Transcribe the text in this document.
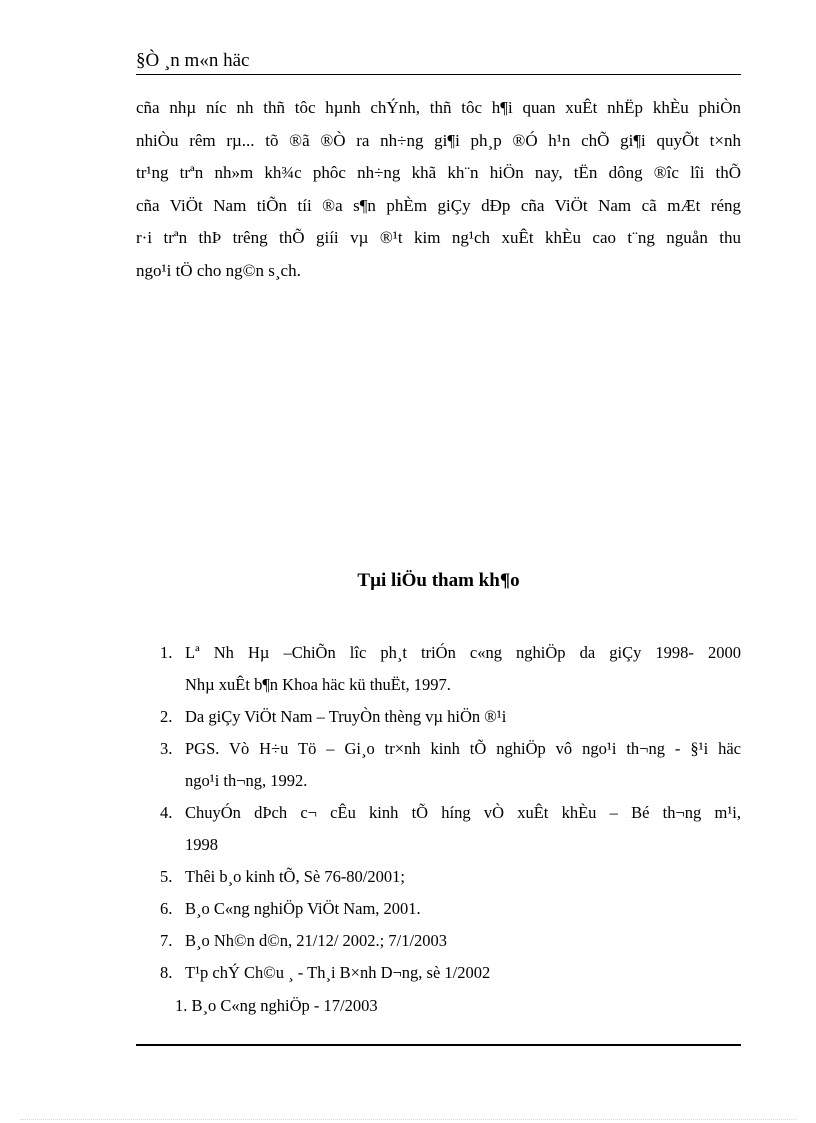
§Ò ¸n m«n häc

cña nhµ níc nh thñ tôc hµnh chÝnh, thñ tôc h¶i quan xuÊt nhËp khÈu phiÒn
nhiÒu rêm rµ... tõ ®ã ®Ò ra nh÷ng gi¶i ph¸p ®Ó h¹n chÕ gi¶i quyÕt t×nh
tr¹ng trªn nh»m kh¾c phôc nh÷ng khã kh¨n hiÖn nay, tËn dông ®îc lîi thÕ
cña ViÖt Nam tiÕn tíi ®a s¶n phÈm giÇy dÐp cña ViÖt Nam cã mÆt réng
r·i trªn thÞ trêng thÕ giíi vµ ®¹t kim ng¹ch xuÊt khÈu cao t¨ng nguån thu
ngo¹i tÖ cho ng©n s¸ch.

Tµi liÖu tham kh¶o
1. Lª Nh Hµ –ChiÕn lîc ph¸t triÓn c«ng nghiÖp da giÇy 1998- 2000
Nhµ xuÊt b¶n Khoa häc kü thuËt, 1997.
2. Da giÇy ViÖt Nam – TruyÒn thèng vµ hiÖn ®¹i
3. PGS. Vò H÷u Tö – Gi¸o tr×nh kinh tÕ nghiÖp vô ngo¹i th¬ng - §¹i häc
ngo¹i th¬ng, 1992.
4. ChuyÓn dÞch c¬ cÊu kinh tÕ híng vÒ xuÊt khÈu – Bé th¬ng m¹i,
1998
5. Thêi b¸o kinh tÕ, Sè 76-80/2001;
6. B¸o C«ng nghiÖp ViÖt Nam, 2001.
7. B¸o Nh©n d©n, 21/12/ 2002.; 7/1/2003
8. T¹p chÝ Ch©u ¸ - Th¸i B×nh D¬ng, sè 1/2002
1. B¸o C«ng nghiÖp - 17/2003
